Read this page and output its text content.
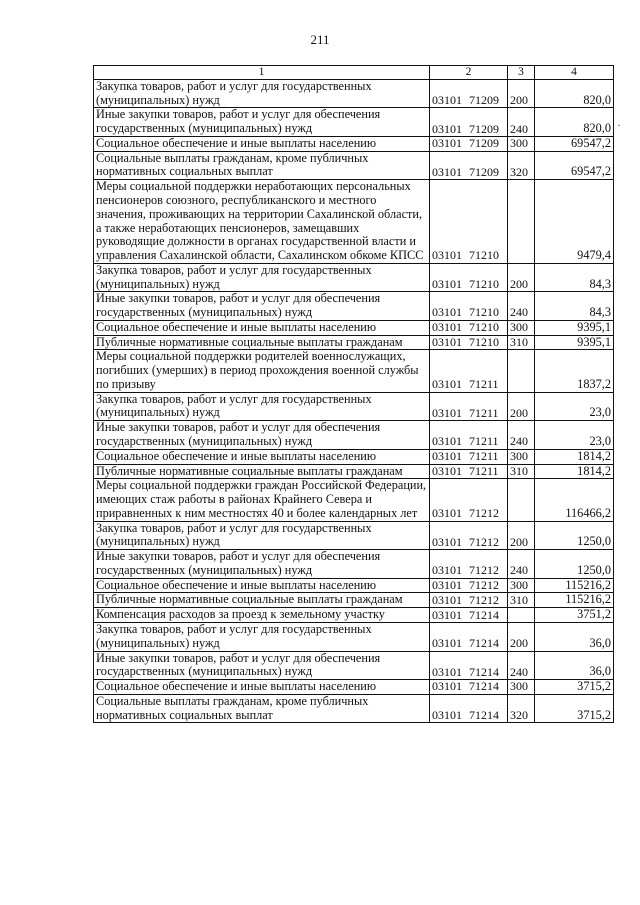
211
·
1	2	3	4
Закупка товаров, работ и услуг для государственных (муниципальных) нужд	03101 71209	200	820,0
Иные закупки товаров, работ и услуг для обеспечения государственных (муниципальных) нужд	03101 71209	240	820,0
Социальное обеспечение и иные выплаты населению	03101 71209	300	69547,2
Социальные выплаты гражданам, кроме публичных нормативных социальных выплат	03101 71209	320	69547,2
Меры социальной поддержки неработающих персональных пенсионеров союзного, республиканского и местного значения, проживающих на территории Сахалинской области, а также неработающих пенсионеров, замещавших руководящие должности в органах государственной власти и управления Сахалинской области, Сахалинском обкоме КПСС	03101 71210		9479,4
Закупка товаров, работ и услуг для государственных (муниципальных) нужд	03101 71210	200	84,3
Иные закупки товаров, работ и услуг для обеспечения государственных (муниципальных) нужд	03101 71210	240	84,3
Социальное обеспечение и иные выплаты населению	03101 71210	300	9395,1
Публичные нормативные социальные выплаты гражданам	03101 71210	310	9395,1
Меры социальной поддержки родителей военнослужащих, погибших (умерших) в период прохождения военной службы по призыву	03101 71211		1837,2
Закупка товаров, работ и услуг для государственных (муниципальных) нужд	03101 71211	200	23,0
Иные закупки товаров, работ и услуг для обеспечения государственных (муниципальных) нужд	03101 71211	240	23,0
Социальное обеспечение и иные выплаты населению	03101 71211	300	1814,2
Публичные нормативные социальные выплаты гражданам	03101 71211	310	1814,2
Меры социальной поддержки граждан Российской Федерации, имеющих стаж работы в районах Крайнего Севера и приравненных к ним местностях 40 и более календарных лет	03101 71212		116466,2
Закупка товаров, работ и услуг для государственных (муниципальных) нужд	03101 71212	200	1250,0
Иные закупки товаров, работ и услуг для обеспечения государственных (муниципальных) нужд	03101 71212	240	1250,0
Социальное обеспечение и иные выплаты населению	03101 71212	300	115216,2
Публичные нормативные социальные выплаты гражданам	03101 71212	310	115216,2
Компенсация расходов за проезд к земельному участку	03101 71214		3751,2
Закупка товаров, работ и услуг для государственных (муниципальных) нужд	03101 71214	200	36,0
Иные закупки товаров, работ и услуг для обеспечения государственных (муниципальных) нужд	03101 71214	240	36,0
Социальное обеспечение и иные выплаты населению	03101 71214	300	3715,2
Социальные выплаты гражданам, кроме публичных нормативных социальных выплат	03101 71214	320	3715,2
